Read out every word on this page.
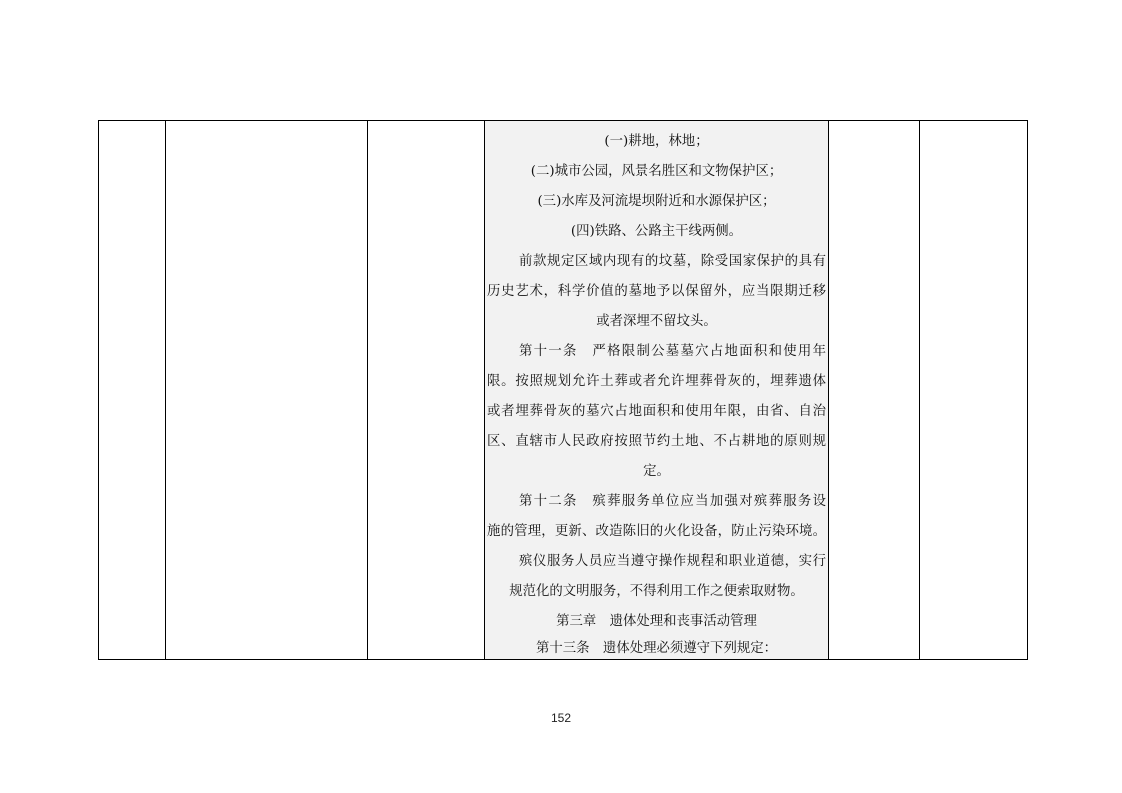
(一)耕地，林地；
(二)城市公园，风景名胜区和文物保护区；
(三)水库及河流堤坝附近和水源保护区；
(四)铁路、公路主干线两侧。
前款规定区域内现有的坟墓，除受国家保护的具有
历史艺术，科学价值的墓地予以保留外，应当限期迁移
或者深埋不留坟头。
第十一条　严格限制公墓墓穴占地面积和使用年
限。按照规划允许土葬或者允许埋葬骨灰的，埋葬遗体
或者埋葬骨灰的墓穴占地面积和使用年限，由省、自治
区、直辖市人民政府按照节约土地、不占耕地的原则规
定。
第十二条　殡葬服务单位应当加强对殡葬服务设
施的管理，更新、改造陈旧的火化设备，防止污染环境。
殡仪服务人员应当遵守操作规程和职业道德，实行
规范化的文明服务，不得利用工作之便索取财物。
第三章　遗体处理和丧事活动管理
第十三条　遗体处理必须遵守下列规定：
152
